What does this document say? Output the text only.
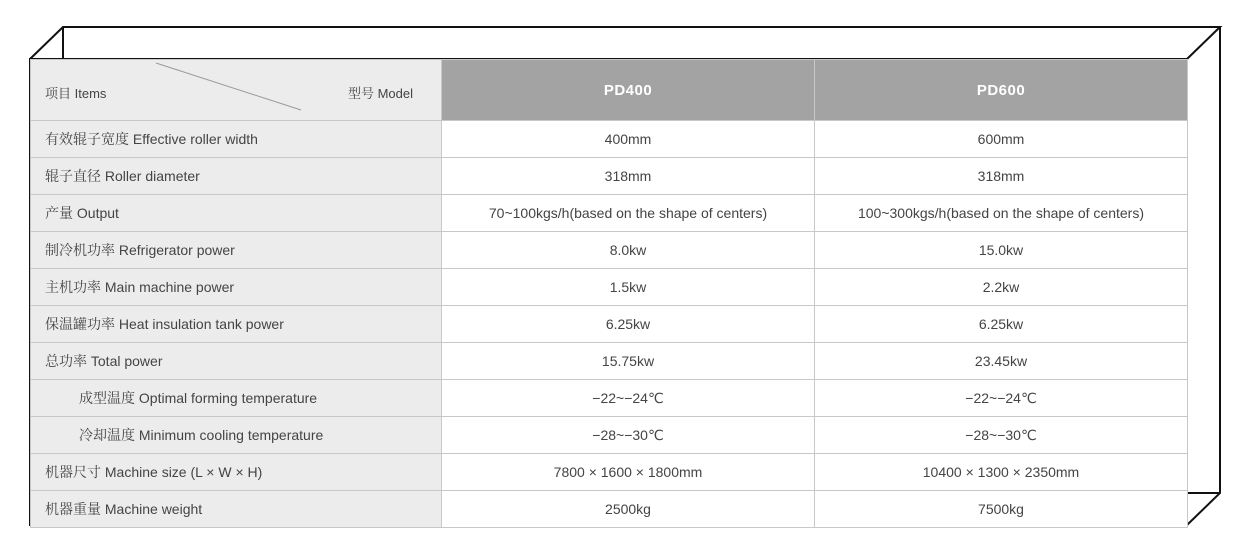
项目 Items 型号 Model	PD400	PD600
有效辊子宽度 Effective roller width	400mm	600mm
辊子直径 Roller diameter	318mm	318mm
产量 Output	70~100kgs/h(based on the shape of centers)	100~300kgs/h(based on the shape of centers)
制冷机功率 Refrigerator power	8.0kw	15.0kw
主机功率 Main machine power	1.5kw	2.2kw
保温罐功率 Heat insulation tank power	6.25kw	6.25kw
总功率 Total power	15.75kw	23.45kw
成型温度 Optimal forming temperature	−22~−24℃	−22~−24℃
冷却温度 Minimum cooling temperature	−28~−30℃	−28~−30℃
机器尺寸 Machine size (L × W × H)	7800 × 1600 × 1800mm	10400 × 1300 × 2350mm
机器重量 Machine weight	2500kg	7500kg
